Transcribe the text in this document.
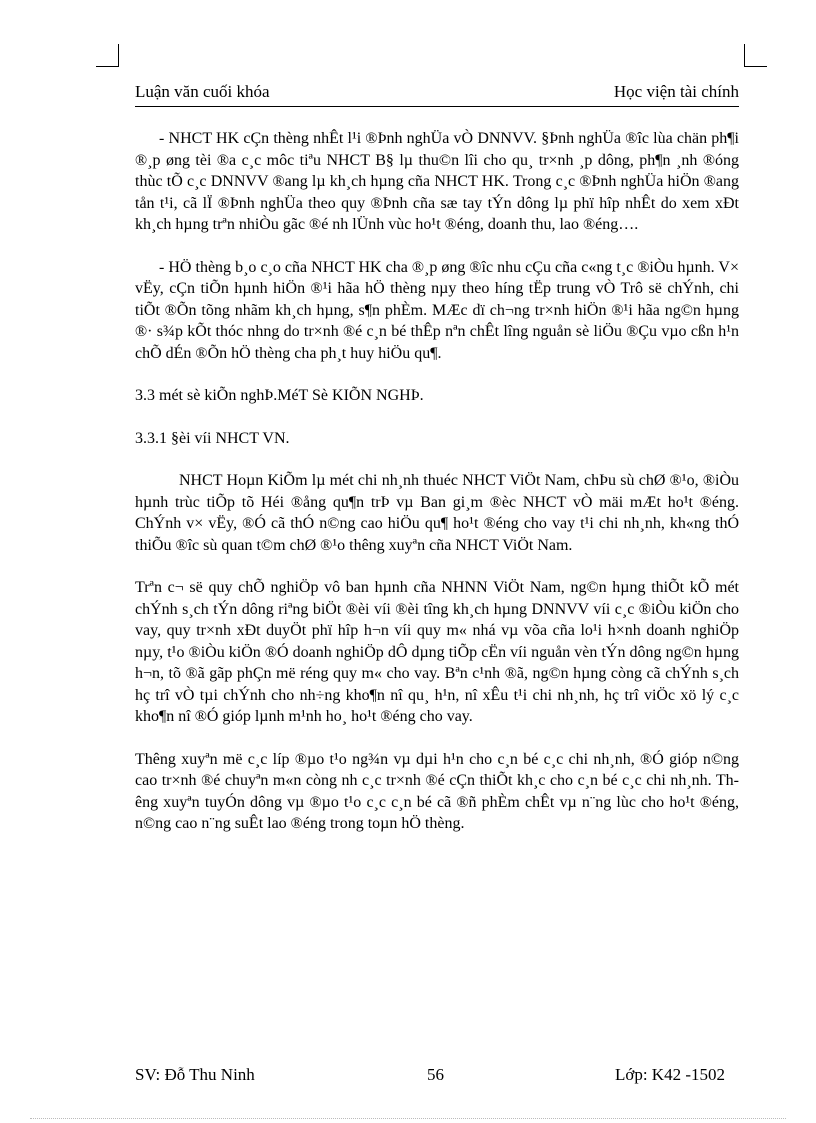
Luận văn cuối khóa	Học viện tài chính

- NHCT HK cÇn thèng nhÊt l¹i ®Þnh nghÜa vÒ DNNVV. §Þnh nghÜa ®îc lùa chän ph¶i ®¸p øng tèi ®a c¸c môc tiªu NHCT B§ lµ thu©n lîi cho qu¸ tr×nh ¸p dông, ph¶n ¸nh ®óng thùc tÕ c¸c DNNVV ®ang lµ kh¸ch hµng cña NHCT HK. Trong c¸c ®Þnh nghÜa hiÖn ®ang tån t¹i, cã lÏ ®Þnh nghÜa theo quy ®Þnh cña sæ tay tÝn dông lµ phï hîp nhÊt do xem xÐt kh¸ch hµng trªn nhiÒu gãc ®é nh lÜnh vùc ho¹t ®éng, doanh thu, lao ®éng….

- HÖ thèng b¸o c¸o cña NHCT HK cha ®¸p øng ®îc nhu cÇu cña c«ng t¸c ®iÒu hµnh. V× vËy, cÇn tiÕn hµnh hiÖn ®¹i hãa hÖ thèng nµy theo híng tËp trung vÒ Trô së chÝnh, chi tiÕt ®Õn tõng nhãm kh¸ch hµng, s¶n phÈm. MÆc dï ch¬ng tr×nh hiÖn ®¹i hãa ng©n hµng ®· s¾p kÕt thóc nhng do tr×nh ®é c¸n bé thÊp nªn chÊt lîng nguån sè liÖu ®Çu vµo cßn h¹n chÕ dÉn ®Õn hÖ thèng cha ph¸t huy hiÖu qu¶.

3.3 mét sè kiÕn nghÞ.MéT Sè KIÕN NGHÞ.

3.3.1 §èi víi NHCT VN.

NHCT Hoµn KiÕm lµ mét chi nh¸nh thuéc NHCT ViÖt Nam, chÞu sù chØ ®¹o, ®iÒu hµnh trùc tiÕp tõ Héi ®ång qu¶n trÞ vµ Ban gi¸m ®èc NHCT vÒ mäi mÆt ho¹t ®éng. ChÝnh v× vËy, ®Ó cã thÓ n©ng cao hiÖu qu¶ ho¹t ®éng cho vay t¹i chi nh¸nh, kh«ng thÓ thiÕu ®îc sù quan t©m chØ ®¹o thêng xuyªn cña NHCT ViÖt Nam.

Trªn c¬ së quy chÕ nghiÖp vô ban hµnh cña NHNN ViÖt Nam, ng©n hµng thiÕt kÕ mét chÝnh s¸ch tÝn dông riªng biÖt ®èi víi ®èi tîng kh¸ch hµng DNNVV víi c¸c ®iÒu kiÖn cho vay, quy tr×nh xÐt duyÖt phï hîp h¬n víi quy m« nhá vµ võa cña lo¹i h×nh doanh nghiÖp nµy, t¹o ®iÒu kiÖn ®Ó doanh nghiÖp dÔ dµng tiÕp cËn víi nguån vèn tÝn dông ng©n hµng h¬n, tõ ®ã gãp phÇn më réng quy m« cho vay. Bªn c¹nh ®ã, ng©n hµng còng cã chÝnh s¸ch hç trî vÒ tµi chÝnh cho nh÷ng kho¶n nî qu¸ h¹n, nî xÊu t¹i chi nh¸nh, hç trî viÖc xö lý c¸c kho¶n nî ®Ó gióp lµnh m¹nh ho¸ ho¹t ®éng cho vay.

Thêng xuyªn më c¸c líp ®µo t¹o ng¾n vµ dµi h¹n cho c¸n bé c¸c chi nh¸nh, ®Ó gióp n©ng cao tr×nh ®é chuyªn m«n còng nh c¸c tr×nh ®é cÇn thiÕt kh¸c cho c¸n bé c¸c chi nh¸nh. Thêng xuyªn tuyÓn dông vµ ®µo t¹o c¸c c¸n bé cã ®ñ phÈm chÊt vµ n¨ng lùc cho ho¹t ®éng, n©ng cao n¨ng suÊt lao ®éng trong toµn hÖ thèng.

SV: Đỗ Thu Ninh	56	Lớp: K42 -1502
